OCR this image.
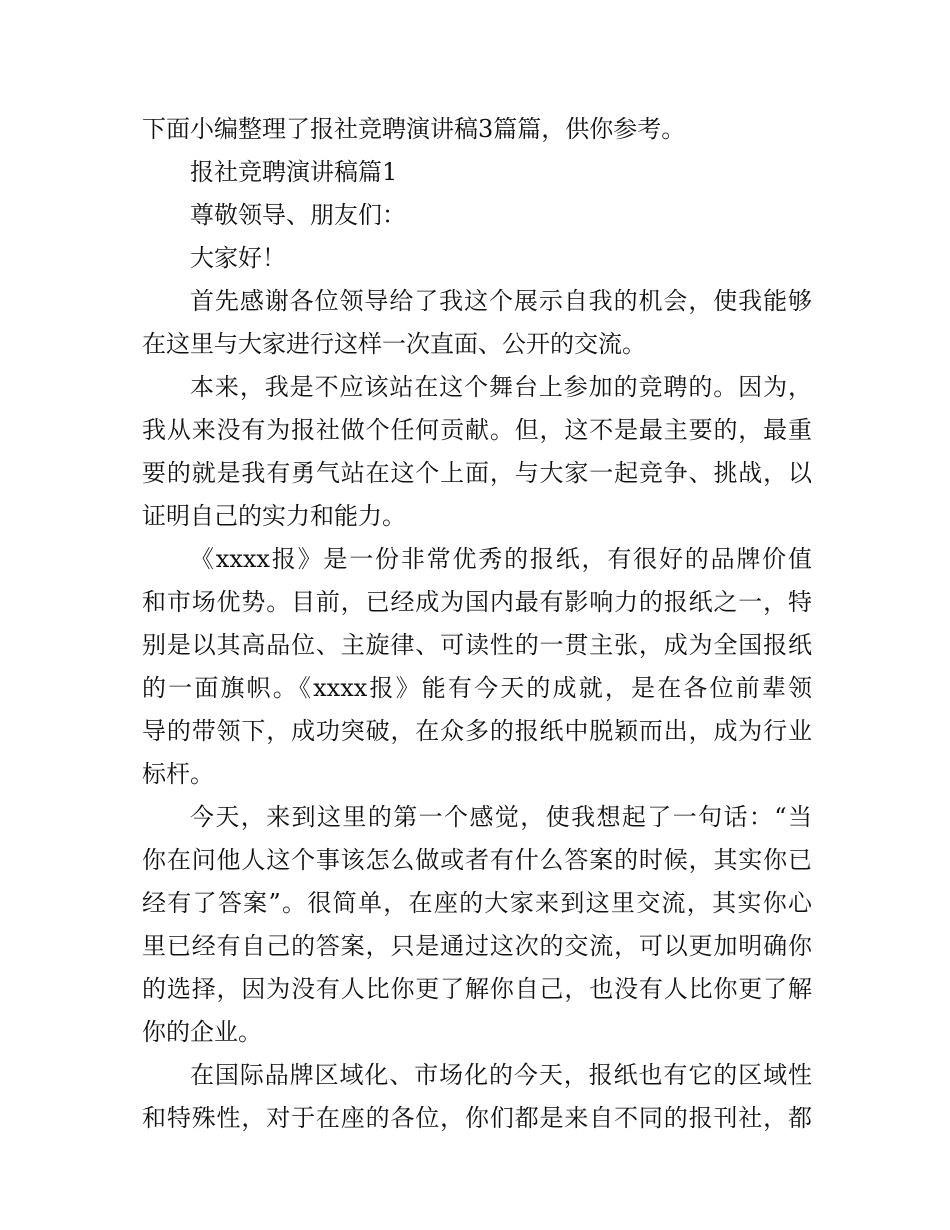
下面小编整理了报社竞聘演讲稿3篇篇，供你参考。
报社竞聘演讲稿篇1
尊敬领导、朋友们：
大家好！
首先感谢各位领导给了我这个展示自我的机会，使我能够
在这里与大家进行这样一次直面、公开的交流。
本来，我是不应该站在这个舞台上参加的竞聘的。因为，
我从来没有为报社做个任何贡献。但，这不是最主要的，最重
要的就是我有勇气站在这个上面，与大家一起竞争、挑战，以
证明自己的实力和能力。
《xxxx报》是一份非常优秀的报纸，有很好的品牌价值
和市场优势。目前，已经成为国内最有影响力的报纸之一，特
别是以其高品位、主旋律、可读性的一贯主张，成为全国报纸
的一面旗帜。《xxxx报》能有今天的成就，是在各位前辈领
导的带领下，成功突破，在众多的报纸中脱颖而出，成为行业
标杆。
今天，来到这里的第一个感觉，使我想起了一句话：“当
你在问他人这个事该怎么做或者有什么答案的时候，其实你已
经有了答案”。很简单，在座的大家来到这里交流，其实你心
里已经有自己的答案，只是通过这次的交流，可以更加明确你
的选择，因为没有人比你更了解你自己，也没有人比你更了解
你的企业。
在国际品牌区域化、市场化的今天，报纸也有它的区域性
和特殊性，对于在座的各位，你们都是来自不同的报刊社，都
